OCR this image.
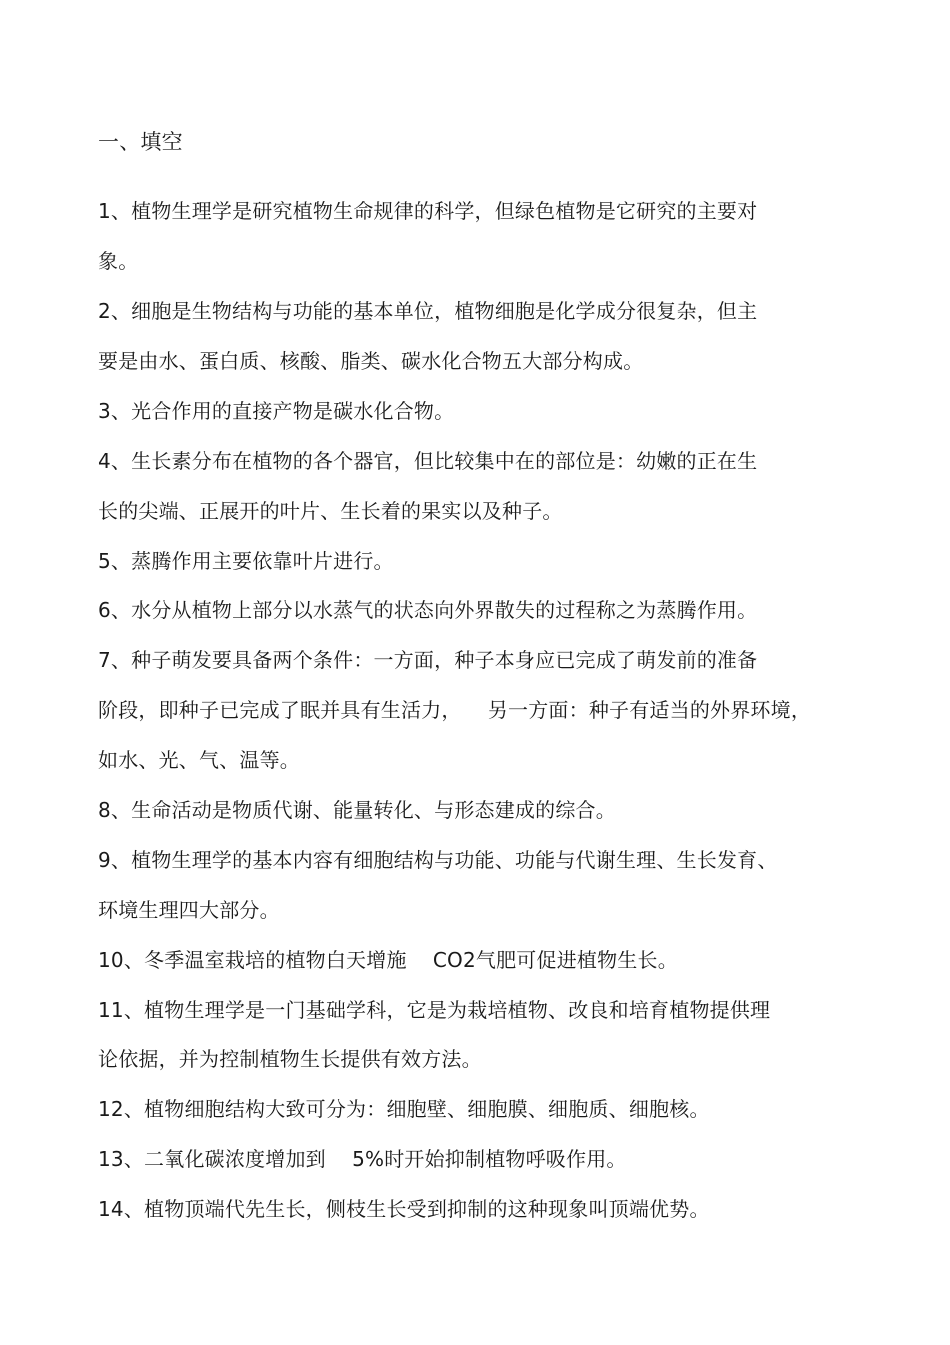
一、填空
1、植物生理学是研究植物生命规律的科学，但绿色植物是它研究的主要对
象。
2、细胞是生物结构与功能的基本单位，植物细胞是化学成分很复杂，但主
要是由水、蛋白质、核酸、脂类、碳水化合物五大部分构成。
3、光合作用的直接产物是碳水化合物。
4、生长素分布在植物的各个器官，但比较集中在的部位是：幼嫩的正在生
长的尖端、正展开的叶片、生长着的果实以及种子。
5、蒸腾作用主要依靠叶片进行。
6、水分从植物上部分以水蒸气的状态向外界散失的过程称之为蒸腾作用。
7、种子萌发要具备两个条件：一方面，种子本身应已完成了萌发前的准备
阶段，即种子已完成了眠并具有生活力，    另一方面：种子有适当的外界环境，
如水、光、气、温等。
8、生命活动是物质代谢、能量转化、与形态建成的综合。
9、植物生理学的基本内容有细胞结构与功能、功能与代谢生理、生长发育、
环境生理四大部分。
10、冬季温室栽培的植物白天增施    CO2气肥可促进植物生长。
11、植物生理学是一门基础学科，它是为栽培植物、改良和培育植物提供理
论依据，并为控制植物生长提供有效方法。
12、植物细胞结构大致可分为：细胞壁、细胞膜、细胞质、细胞核。
13、二氧化碳浓度增加到    5%时开始抑制植物呼吸作用。
14、植物顶端代先生长，侧枝生长受到抑制的这种现象叫顶端优势。
